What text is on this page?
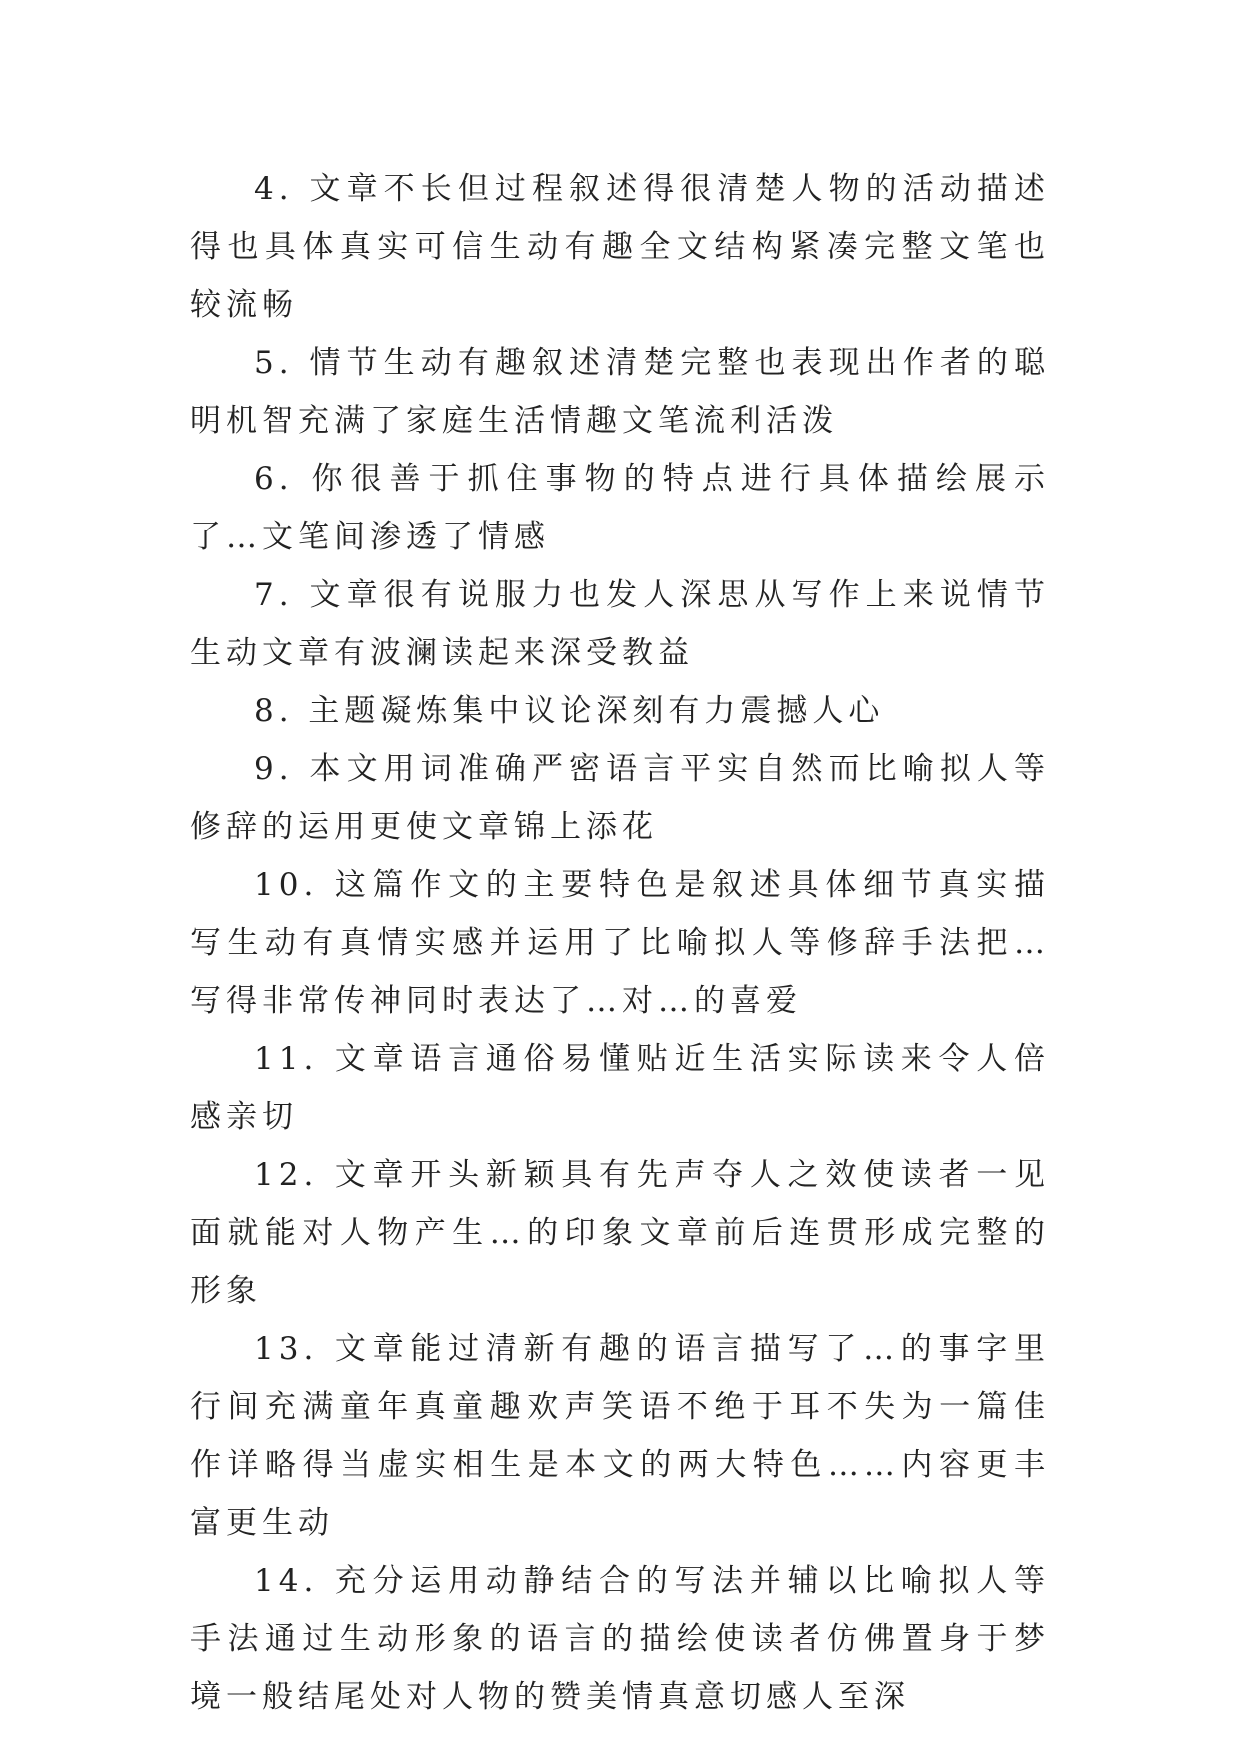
4. 文章不长但过程叙述得很清楚人物的活动描述得也具体真实可信生动有趣全文结构紧凑完整文笔也较流畅

5. 情节生动有趣叙述清楚完整也表现出作者的聪明机智充满了家庭生活情趣文笔流利活泼

6. 你很善于抓住事物的特点进行具体描绘展示了…文笔间渗透了情感

7. 文章很有说服力也发人深思从写作上来说情节生动文章有波澜读起来深受教益

8. 主题凝炼集中议论深刻有力震撼人心

9. 本文用词准确严密语言平实自然而比喻拟人等修辞的运用更使文章锦上添花

10. 这篇作文的主要特色是叙述具体细节真实描写生动有真情实感并运用了比喻拟人等修辞手法把…写得非常传神同时表达了…对…的喜爱

11. 文章语言通俗易懂贴近生活实际读来令人倍感亲切

12. 文章开头新颖具有先声夺人之效使读者一见面就能对人物产生…的印象文章前后连贯形成完整的形象

13. 文章能过清新有趣的语言描写了…的事字里行间充满童年真童趣欢声笑语不绝于耳不失为一篇佳作详略得当虚实相生是本文的两大特色……内容更丰富更生动

14. 充分运用动静结合的写法并辅以比喻拟人等手法通过生动形象的语言的描绘使读者仿佛置身于梦境一般结尾处对人物的赞美情真意切感人至深
